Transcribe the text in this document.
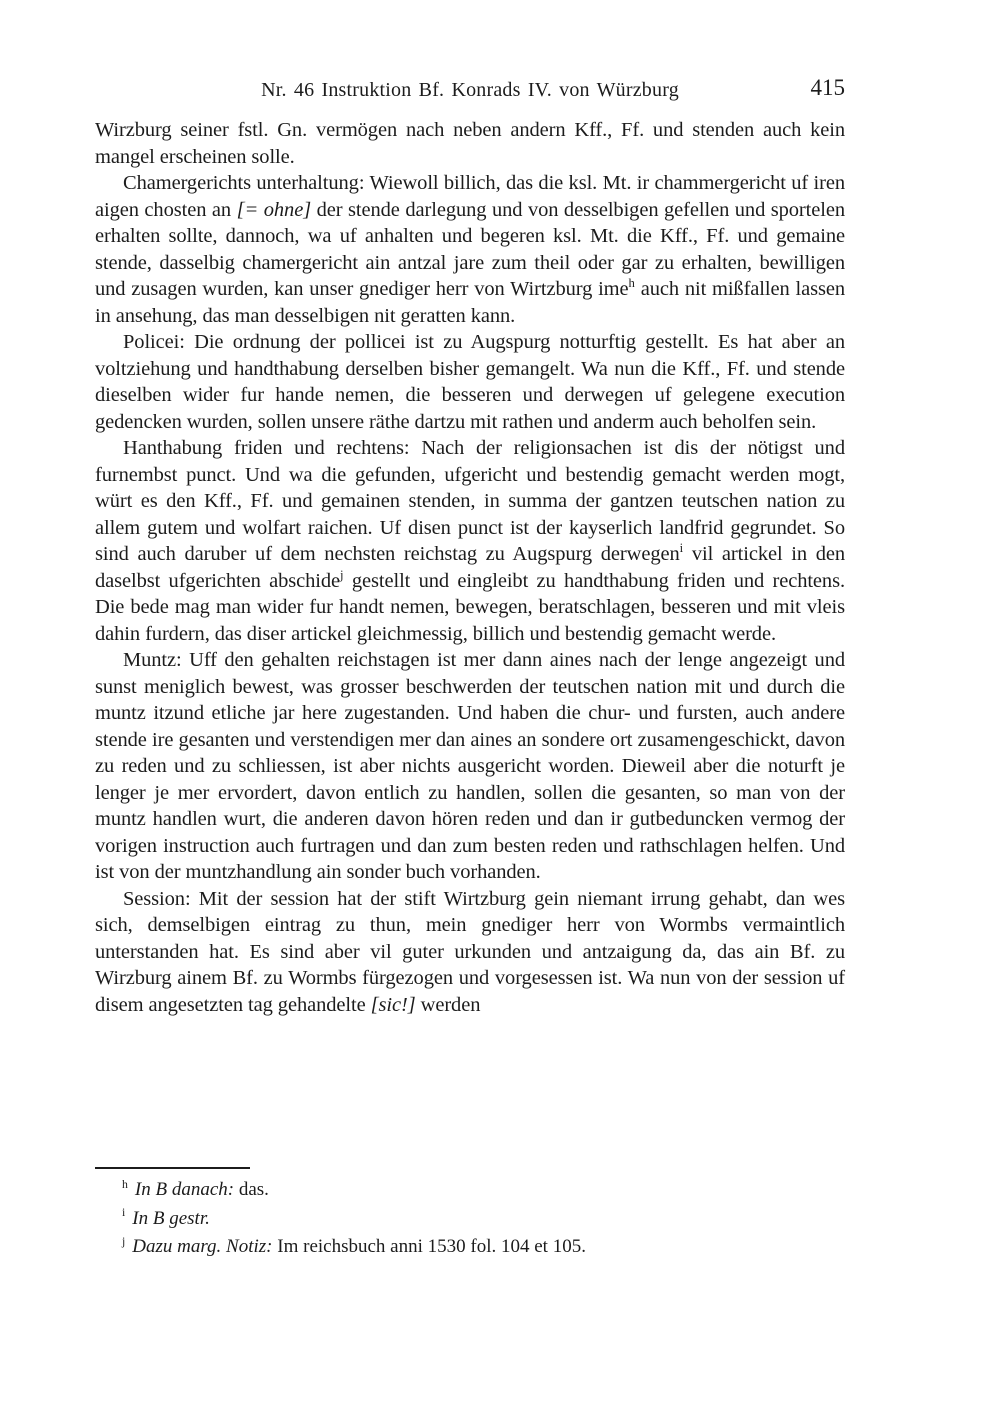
Nr. 46 Instruktion Bf. Konrads IV. von Würzburg	415

Wirzburg seiner fstl. Gn. vermögen nach neben andern Kff., Ff. und stenden auch kein mangel erscheinen solle.

Chamergerichts unterhaltung: Wiewoll billich, das die ksl. Mt. ir chammergericht uf iren aigen chosten an [= ohne] der stende darlegung und von desselbigen gefellen und sportelen erhalten sollte, dannoch, wa uf anhalten und begeren ksl. Mt. die Kff., Ff. und gemaine stende, dasselbig chamergericht ain antzal jare zum theil oder gar zu erhalten, bewilligen und zusagen wurden, kan unser gnediger herr von Wirtzburg ime$^h$ auch nit mißfallen lassen in ansehung, das man desselbigen nit geratten kann.

Policei: Die ordnung der pollicei ist zu Augspurg notturftig gestellt. Es hat aber an voltziehung und handthabung derselben bisher gemangelt. Wa nun die Kff., Ff. und stende dieselben wider fur hande nemen, die besseren und derwegen uf gelegene execution gedencken wurden, sollen unsere räthe dartzu mit rathen und anderm auch beholfen sein.

Hanthabung friden und rechtens: Nach der religionsachen ist dis der nötigst und furnembst punct. Und wa die gefunden, ufgericht und bestendig gemacht werden mogt, würt es den Kff., Ff. und gemainen stenden, in summa der gantzen teutschen nation zu allem gutem und wolfart raichen. Uf disen punct ist der kayserlich landfrid gegrundet. So sind auch daruber uf dem nechsten reichstag zu Augspurg derwegen$^i$ vil artickel in den daselbst ufgerichten abschide$^j$ gestellt und eingleibt zu handthabung friden und rechtens. Die bede mag man wider fur handt nemen, bewegen, beratschlagen, besseren und mit vleis dahin furdern, das diser artickel gleichmessig, billich und bestendig gemacht werde.

Muntz: Uff den gehalten reichstagen ist mer dann aines nach der lenge angezeigt und sunst meniglich bewest, was grosser beschwerden der teutschen nation mit und durch die muntz itzund etliche jar here zugestanden. Und haben die chur- und fursten, auch andere stende ire gesanten und verstendigen mer dan aines an sondere ort zusamengeschickt, davon zu reden und zu schliessen, ist aber nichts ausgericht worden. Dieweil aber die noturft je lenger je mer ervordert, davon entlich zu handlen, sollen die gesanten, so man von der muntz handlen wurt, die anderen davon hören reden und dan ir gutbeduncken vermog der vorigen instruction auch furtragen und dan zum besten reden und rathschlagen helfen. Und ist von der muntzhandlung ain sonder buch vorhanden.

Session: Mit der session hat der stift Wirtzburg gein niemant irrung gehabt, dan wes sich, demselbigen eintrag zu thun, mein gnediger herr von Wormbs vermaintlich unterstanden hat. Es sind aber vil guter urkunden und antzaigung da, das ain Bf. zu Wirzburg ainem Bf. zu Wormbs fürgezogen und vorgesessen ist. Wa nun von der session uf disem angesetzten tag gehandelte [sic!] werden

$^h$ In B danach: das.
$^i$ In B gestr.
$^j$ Dazu marg. Notiz: Im reichsbuch anni 1530 fol. 104 et 105.
